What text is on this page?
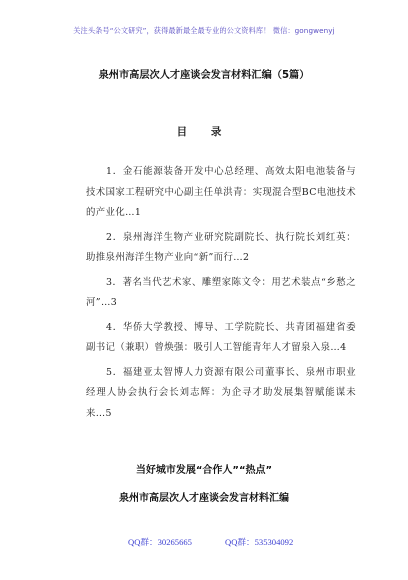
关注头条号“公文研究”，获得最新最全最专业的公文资料库！ 微信：gongwenyj
泉州市高层次人才座谈会发言材料汇编（5篇）
目 录
1．金石能源装备开发中心总经理、高效太阳电池装备与技术国家工程研究中心副主任单洪青：实现混合型BC电池技术的产业化…1
2．泉州海洋生物产业研究院副院长、执行院长刘红英：助推泉州海洋生物产业向“新”而行…2
3．著名当代艺术家、雕塑家陈文令：用艺术装点“乡愁之河”…3
4．华侨大学教授、博导、工学院院长、共青团福建省委副书记（兼职）曾焕强：吸引人工智能青年人才留泉入泉…4
5．福建亚太智博人力资源有限公司董事长、泉州市职业经理人协会执行会长刘志辉：为企寻才助发展集智赋能谋未来…5
当好城市发展“合作人”“热点”
泉州市高层次人才座谈会发言材料汇编
QQ群：30265665	QQ群：535304092
